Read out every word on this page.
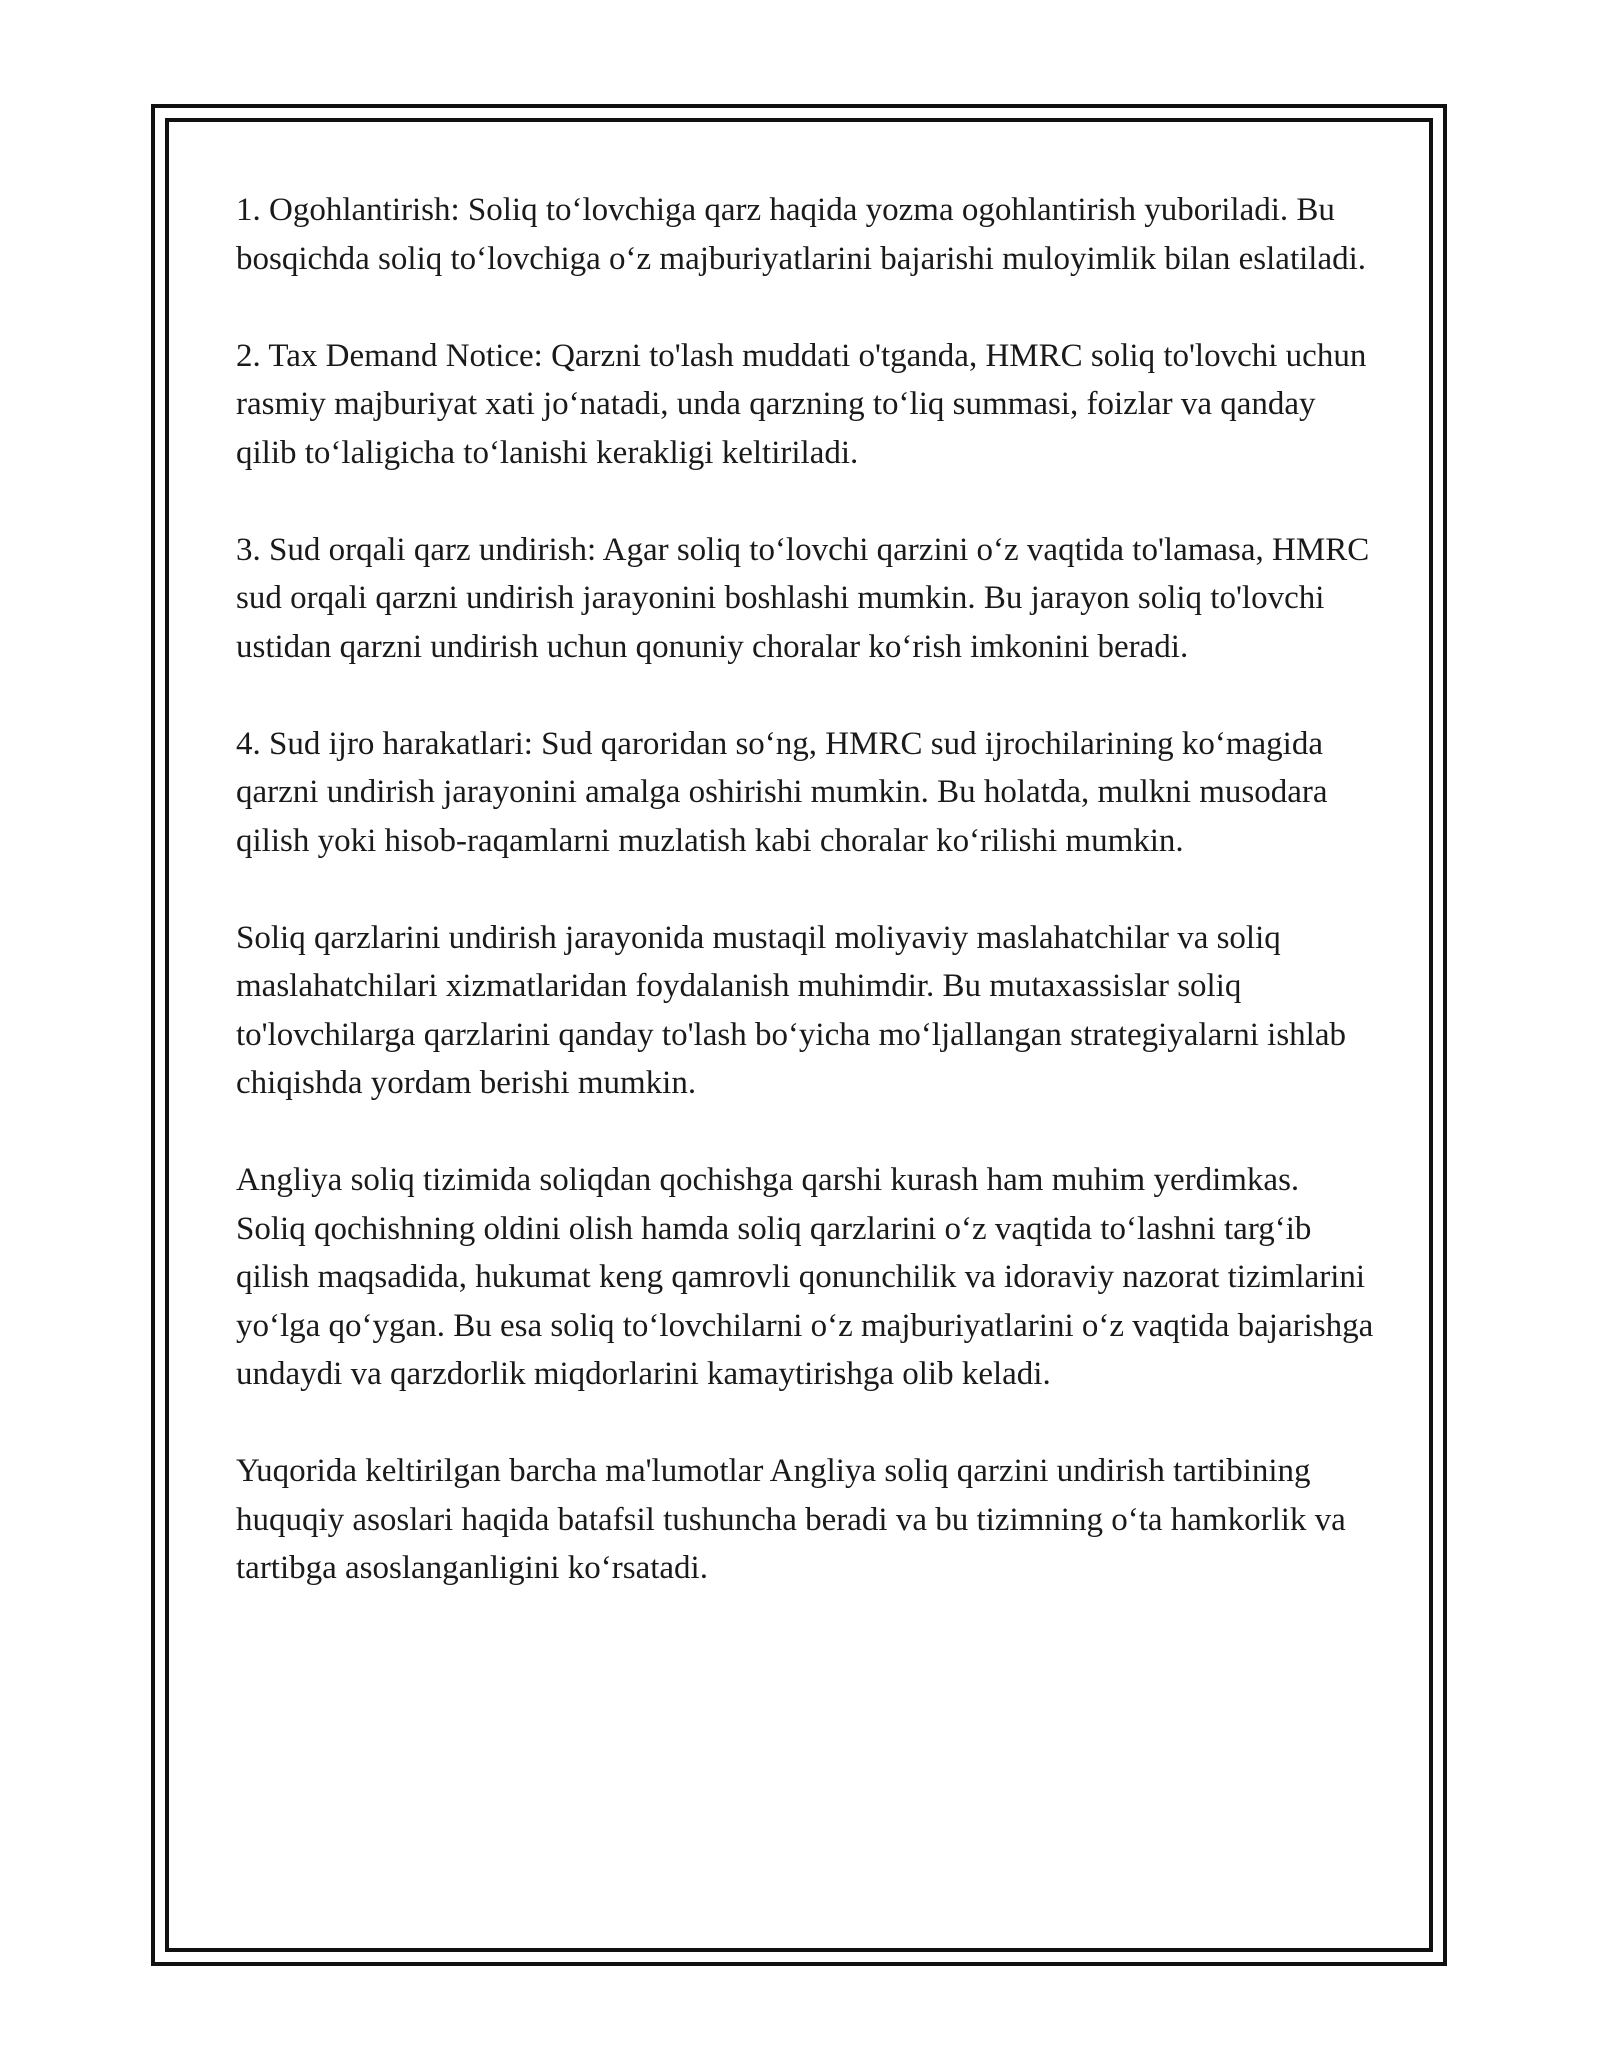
1. Ogohlantirish: Soliq to‘lovchiga qarz haqida yozma ogohlantirish yuboriladi. Bu bosqichda soliq to‘lovchiga o‘z majburiyatlarini bajarishi muloyimlik bilan eslatiladi.

2. Tax Demand Notice: Qarzni to'lash muddati o'tganda, HMRC soliq to'lovchi uchun rasmiy majburiyat xati jo‘natadi, unda qarzning to‘liq summasi, foizlar va qanday qilib to‘laligicha to‘lanishi kerakligi keltiriladi.

3. Sud orqali qarz undirish: Agar soliq to‘lovchi qarzini o‘z vaqtida to'lamasa, HMRC sud orqali qarzni undirish jarayonini boshlashi mumkin. Bu jarayon soliq to'lovchi ustidan qarzni undirish uchun qonuniy choralar ko‘rish imkonini beradi.

4. Sud ijro harakatlari: Sud qaroridan so‘ng, HMRC sud ijrochilarining ko‘magida qarzni undirish jarayonini amalga oshirishi mumkin. Bu holatda, mulkni musodara qilish yoki hisob-raqamlarni muzlatish kabi choralar ko‘rilishi mumkin.

Soliq qarzlarini undirish jarayonida mustaqil moliyaviy maslahatchilar va soliq maslahatchilari xizmatlaridan foydalanish muhimdir. Bu mutaxassislar soliq to'lovchilarga qarzlarini qanday to'lash bo‘yicha mo‘ljallangan strategiyalarni ishlab chiqishda yordam berishi mumkin.

Angliya soliq tizimida soliqdan qochishga qarshi kurash ham muhim yerdimkas. Soliq qochishning oldini olish hamda soliq qarzlarini o‘z vaqtida to‘lashni targ‘ib qilish maqsadida, hukumat keng qamrovli qonunchilik va idoraviy nazorat tizimlarini yo‘lga qo‘ygan. Bu esa soliq to‘lovchilarni o‘z majburiyatlarini o‘z vaqtida bajarishga undaydi va qarzdorlik miqdorlarini kamaytirishga olib keladi.

Yuqorida keltirilgan barcha ma'lumotlar Angliya soliq qarzini undirish tartibining huquqiy asoslari haqida batafsil tushuncha beradi va bu tizimning o‘ta hamkorlik va tartibga asoslanganligini ko‘rsatadi.
